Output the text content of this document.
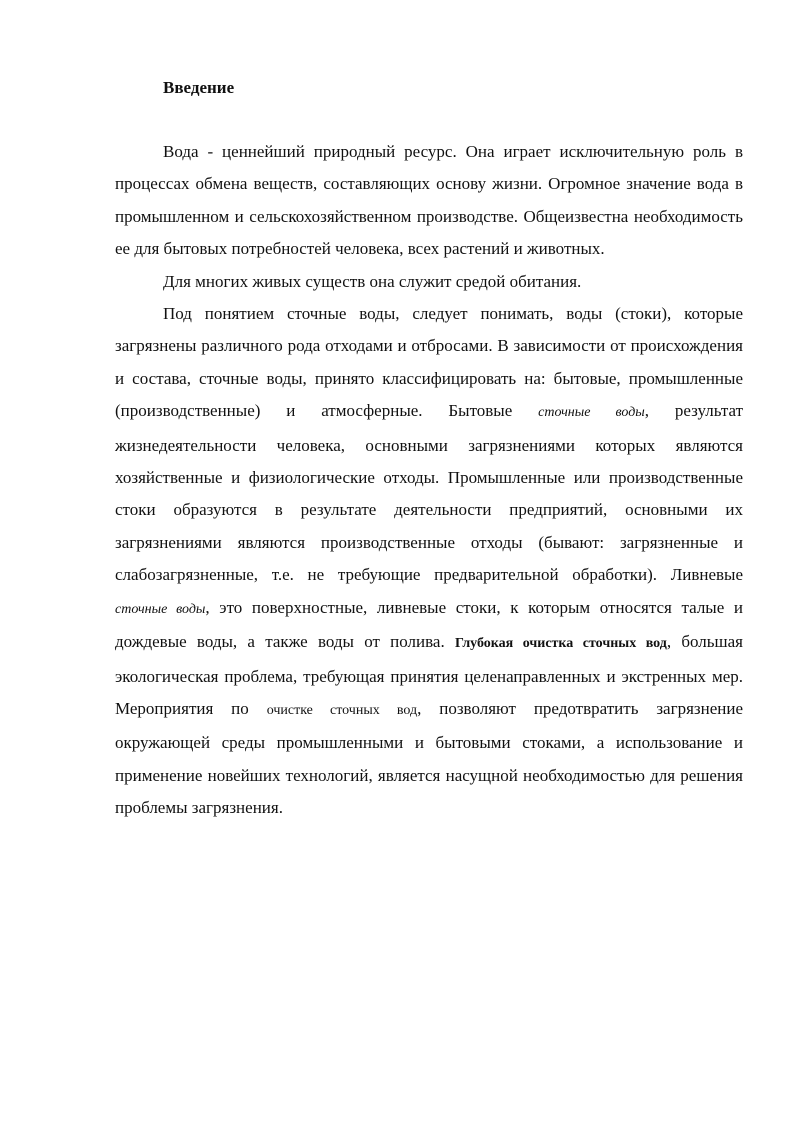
Введение

Вода - ценнейший природный ресурс. Она играет исключительную роль в процессах обмена веществ, составляющих основу жизни. Огромное значение вода в промышленном и сельскохозяйственном производстве. Общеизвестна необходимость ее для бытовых потребностей человека, всех растений и животных.

Для многих живых существ она служит средой обитания.

Под понятием сточные воды, следует понимать, воды (стоки), которые загрязнены различного рода отходами и отбросами. В зависимости от происхождения и состава, сточные воды, принято классифицировать на: бытовые, промышленные (производственные) и атмосферные. Бытовые сточные воды, результат жизнедеятельности человека, основными загрязнениями которых являются хозяйственные и физиологические отходы. Промышленные или производственные стоки образуются в результате деятельности предприятий, основными их загрязнениями являются производственные отходы (бывают: загрязненные и слабозагрязненные, т.е. не требующие предварительной обработки). Ливневые сточные воды, это поверхностные, ливневые стоки, к которым относятся талые и дождевые воды, а также воды от полива. Глубокая очистка сточных вод, большая экологическая проблема, требующая принятия целенаправленных и экстренных мер. Мероприятия по очистке сточных вод, позволяют предотвратить загрязнение окружающей среды промышленными и бытовыми стоками, а использование и применение новейших технологий, является насущной необходимостью для решения проблемы загрязнения.
